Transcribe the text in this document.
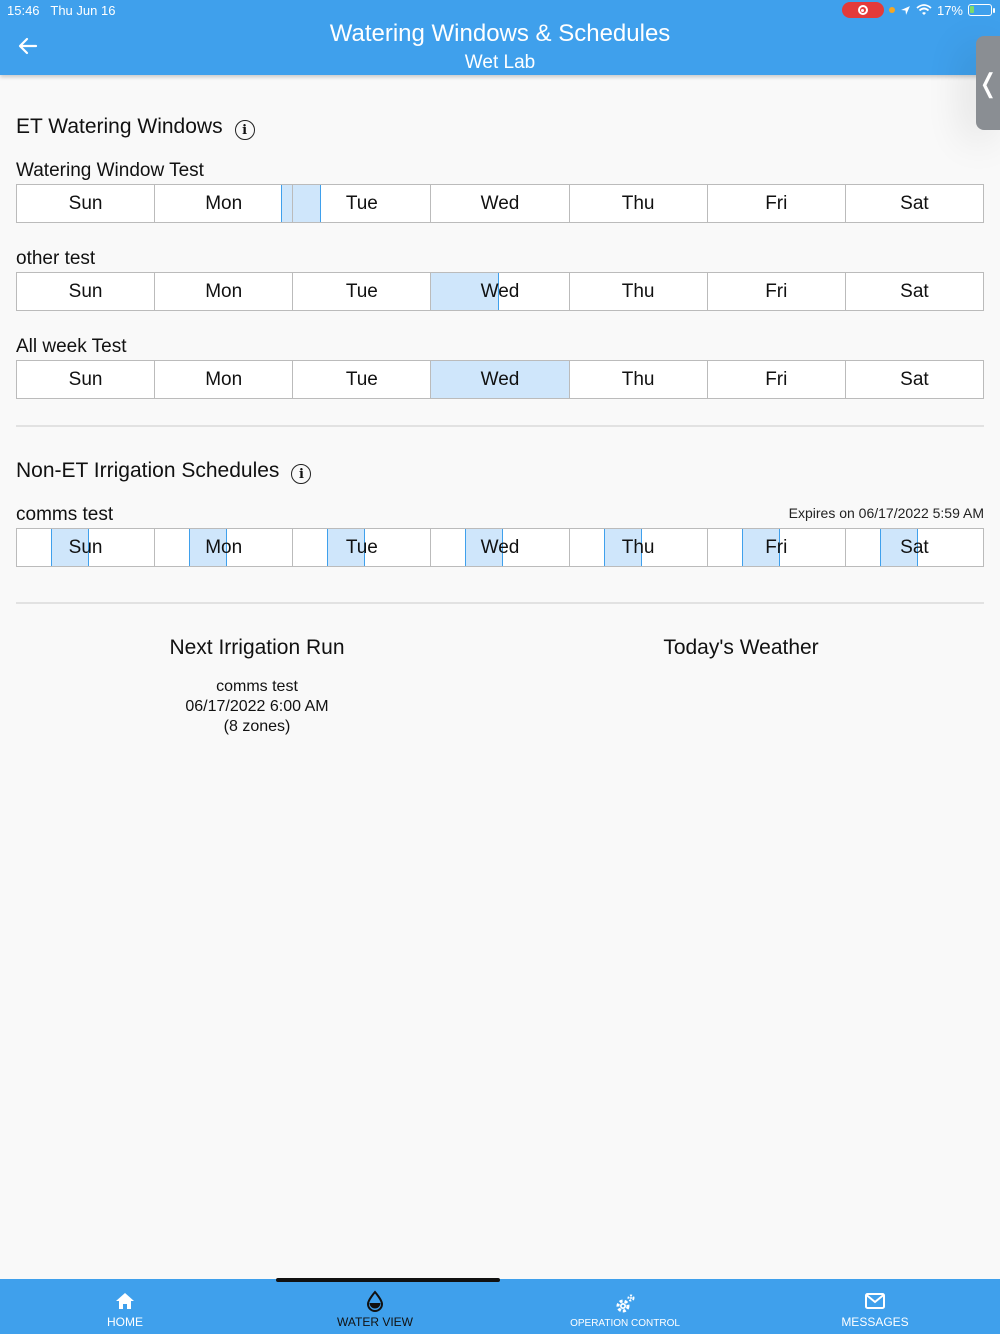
15:46 Thu Jun 16	17%
Watering Windows & Schedules
Wet Lab
❬
ET Watering Windows	i
Watering Window Test
Sun	Mon	Tue	Wed	Thu	Fri	Sat
other test
Sun	Mon	Tue	Wed	Thu	Fri	Sat
All week Test
Sun	Mon	Tue	Wed	Thu	Fri	Sat
Non-ET Irrigation Schedules	i
comms test	Expires on 06/17/2022 5:59 AM
Sun	Mon	Tue	Wed	Thu	Fri	Sat
Next Irrigation Run
comms test
06/17/2022 6:00 AM
(8 zones)
Today's Weather
HOME	WATER VIEW	OPERATION CONTROL	MESSAGES
